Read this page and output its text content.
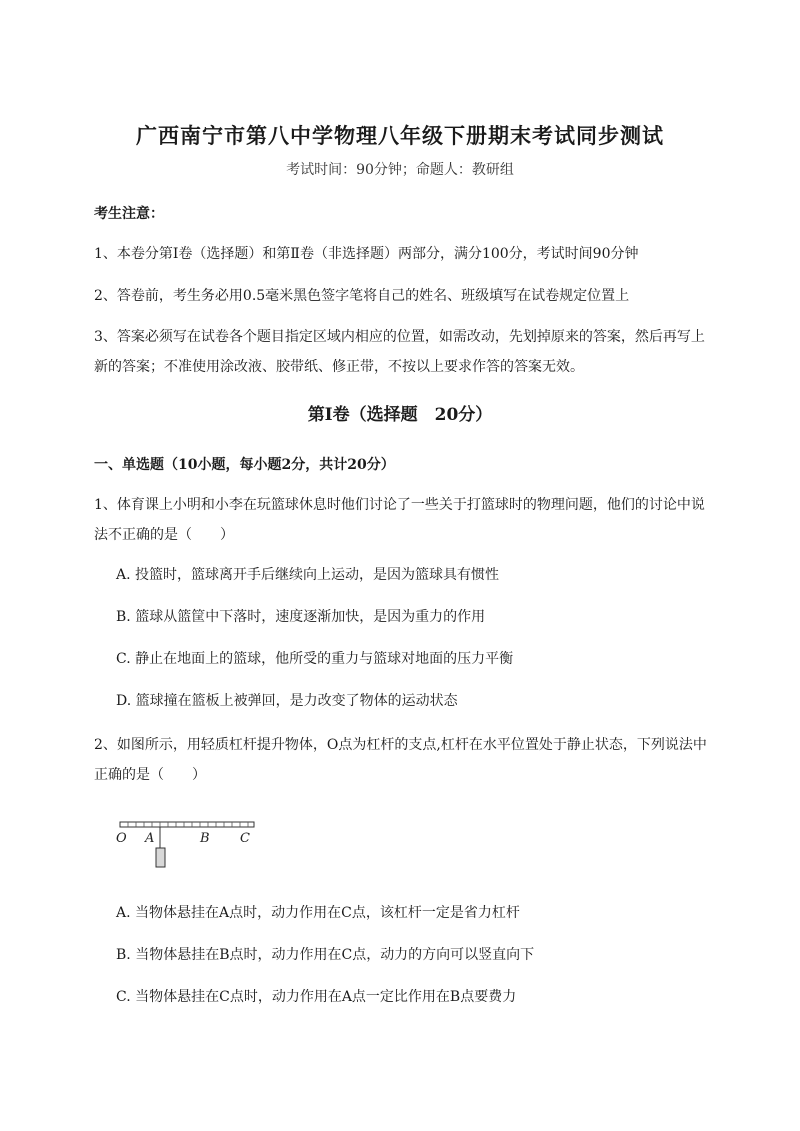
广西南宁市第八中学物理八年级下册期末考试同步测试
考试时间：90分钟；命题人：教研组
考生注意：
1、本卷分第I卷（选择题）和第Ⅱ卷（非选择题）两部分，满分100分，考试时间90分钟
2、答卷前，考生务必用0.5毫米黑色签字笔将自己的姓名、班级填写在试卷规定位置上
3、答案必须写在试卷各个题目指定区域内相应的位置，如需改动，先划掉原来的答案，然后再写上新的答案；不准使用涂改液、胶带纸、修正带，不按以上要求作答的答案无效。
第I卷（选择题　20分）
一、单选题（10小题，每小题2分，共计20分）
1、体育课上小明和小李在玩篮球休息时他们讨论了一些关于打篮球时的物理问题，他们的讨论中说法不正确的是（　　）
A. 投篮时，篮球离开手后继续向上运动，是因为篮球具有惯性
B. 篮球从篮筐中下落时，速度逐渐加快，是因为重力的作用
C. 静止在地面上的篮球，他所受的重力与篮球对地面的压力平衡
D. 篮球撞在篮板上被弹回，是力改变了物体的运动状态
2、如图所示，用轻质杠杆提升物体，O点为杠杆的支点,杠杆在水平位置处于静止状态，下列说法中正确的是（　　）
O A	B C
A. 当物体悬挂在A点时，动力作用在C点，该杠杆一定是省力杠杆
B. 当物体悬挂在B点时，动力作用在C点，动力的方向可以竖直向下
C. 当物体悬挂在C点时，动力作用在A点一定比作用在B点要费力
